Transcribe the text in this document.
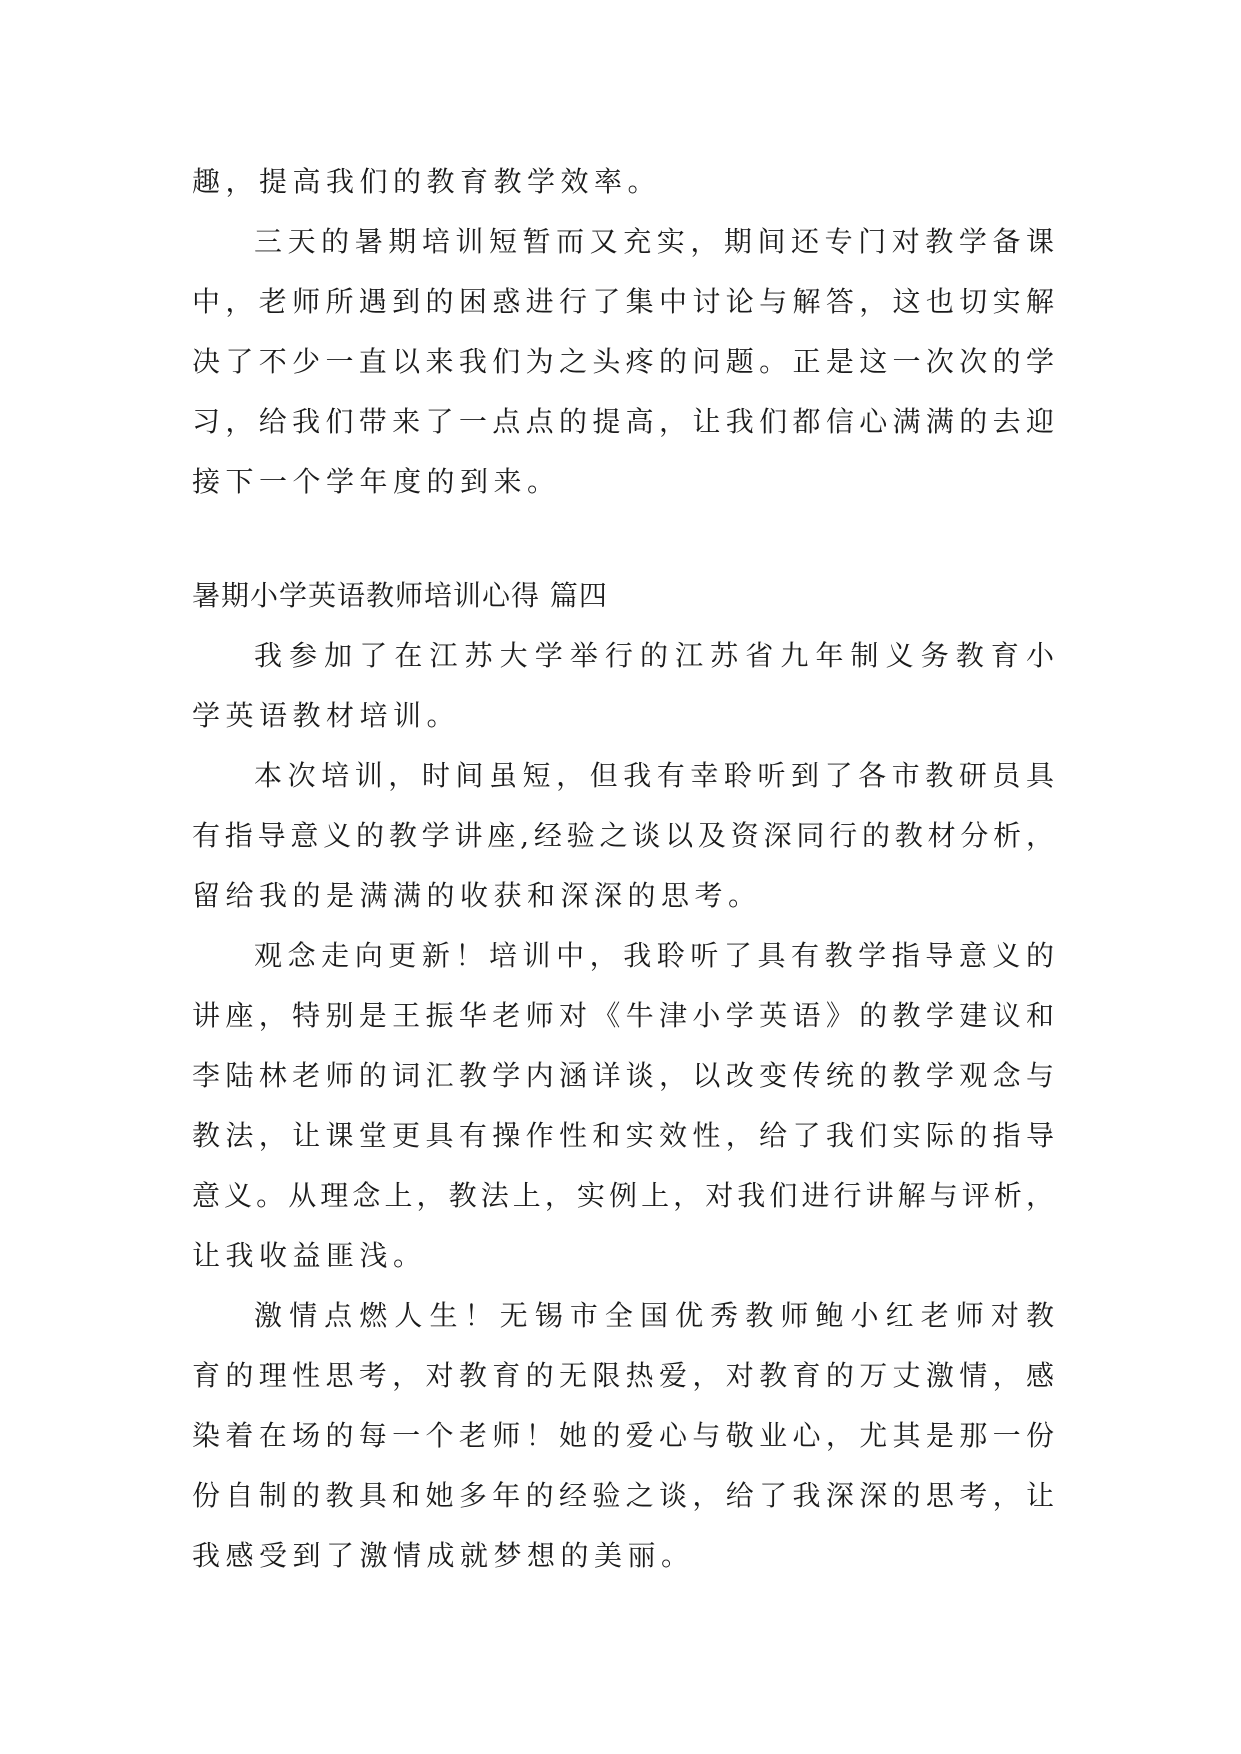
趣，提高我们的教育教学效率。
三天的暑期培训短暂而又充实，期间还专门对教学备课
中，老师所遇到的困惑进行了集中讨论与解答，这也切实解
决了不少一直以来我们为之头疼的问题。正是这一次次的学
习，给我们带来了一点点的提高，让我们都信心满满的去迎
接下一个学年度的到来。
暑期小学英语教师培训心得 篇四
我参加了在江苏大学举行的江苏省九年制义务教育小
学英语教材培训。
本次培训，时间虽短，但我有幸聆听到了各市教研员具
有指导意义的教学讲座,经验之谈以及资深同行的教材分析，
留给我的是满满的收获和深深的思考。
观念走向更新！培训中，我聆听了具有教学指导意义的
讲座，特别是王振华老师对《牛津小学英语》的教学建议和
李陆林老师的词汇教学内涵详谈，以改变传统的教学观念与
教法，让课堂更具有操作性和实效性，给了我们实际的指导
意义。从理念上，教法上，实例上，对我们进行讲解与评析，
让我收益匪浅。
激情点燃人生！无锡市全国优秀教师鲍小红老师对教
育的理性思考，对教育的无限热爱，对教育的万丈激情，感
染着在场的每一个老师！她的爱心与敬业心，尤其是那一份
份自制的教具和她多年的经验之谈，给了我深深的思考，让
我感受到了激情成就梦想的美丽。
